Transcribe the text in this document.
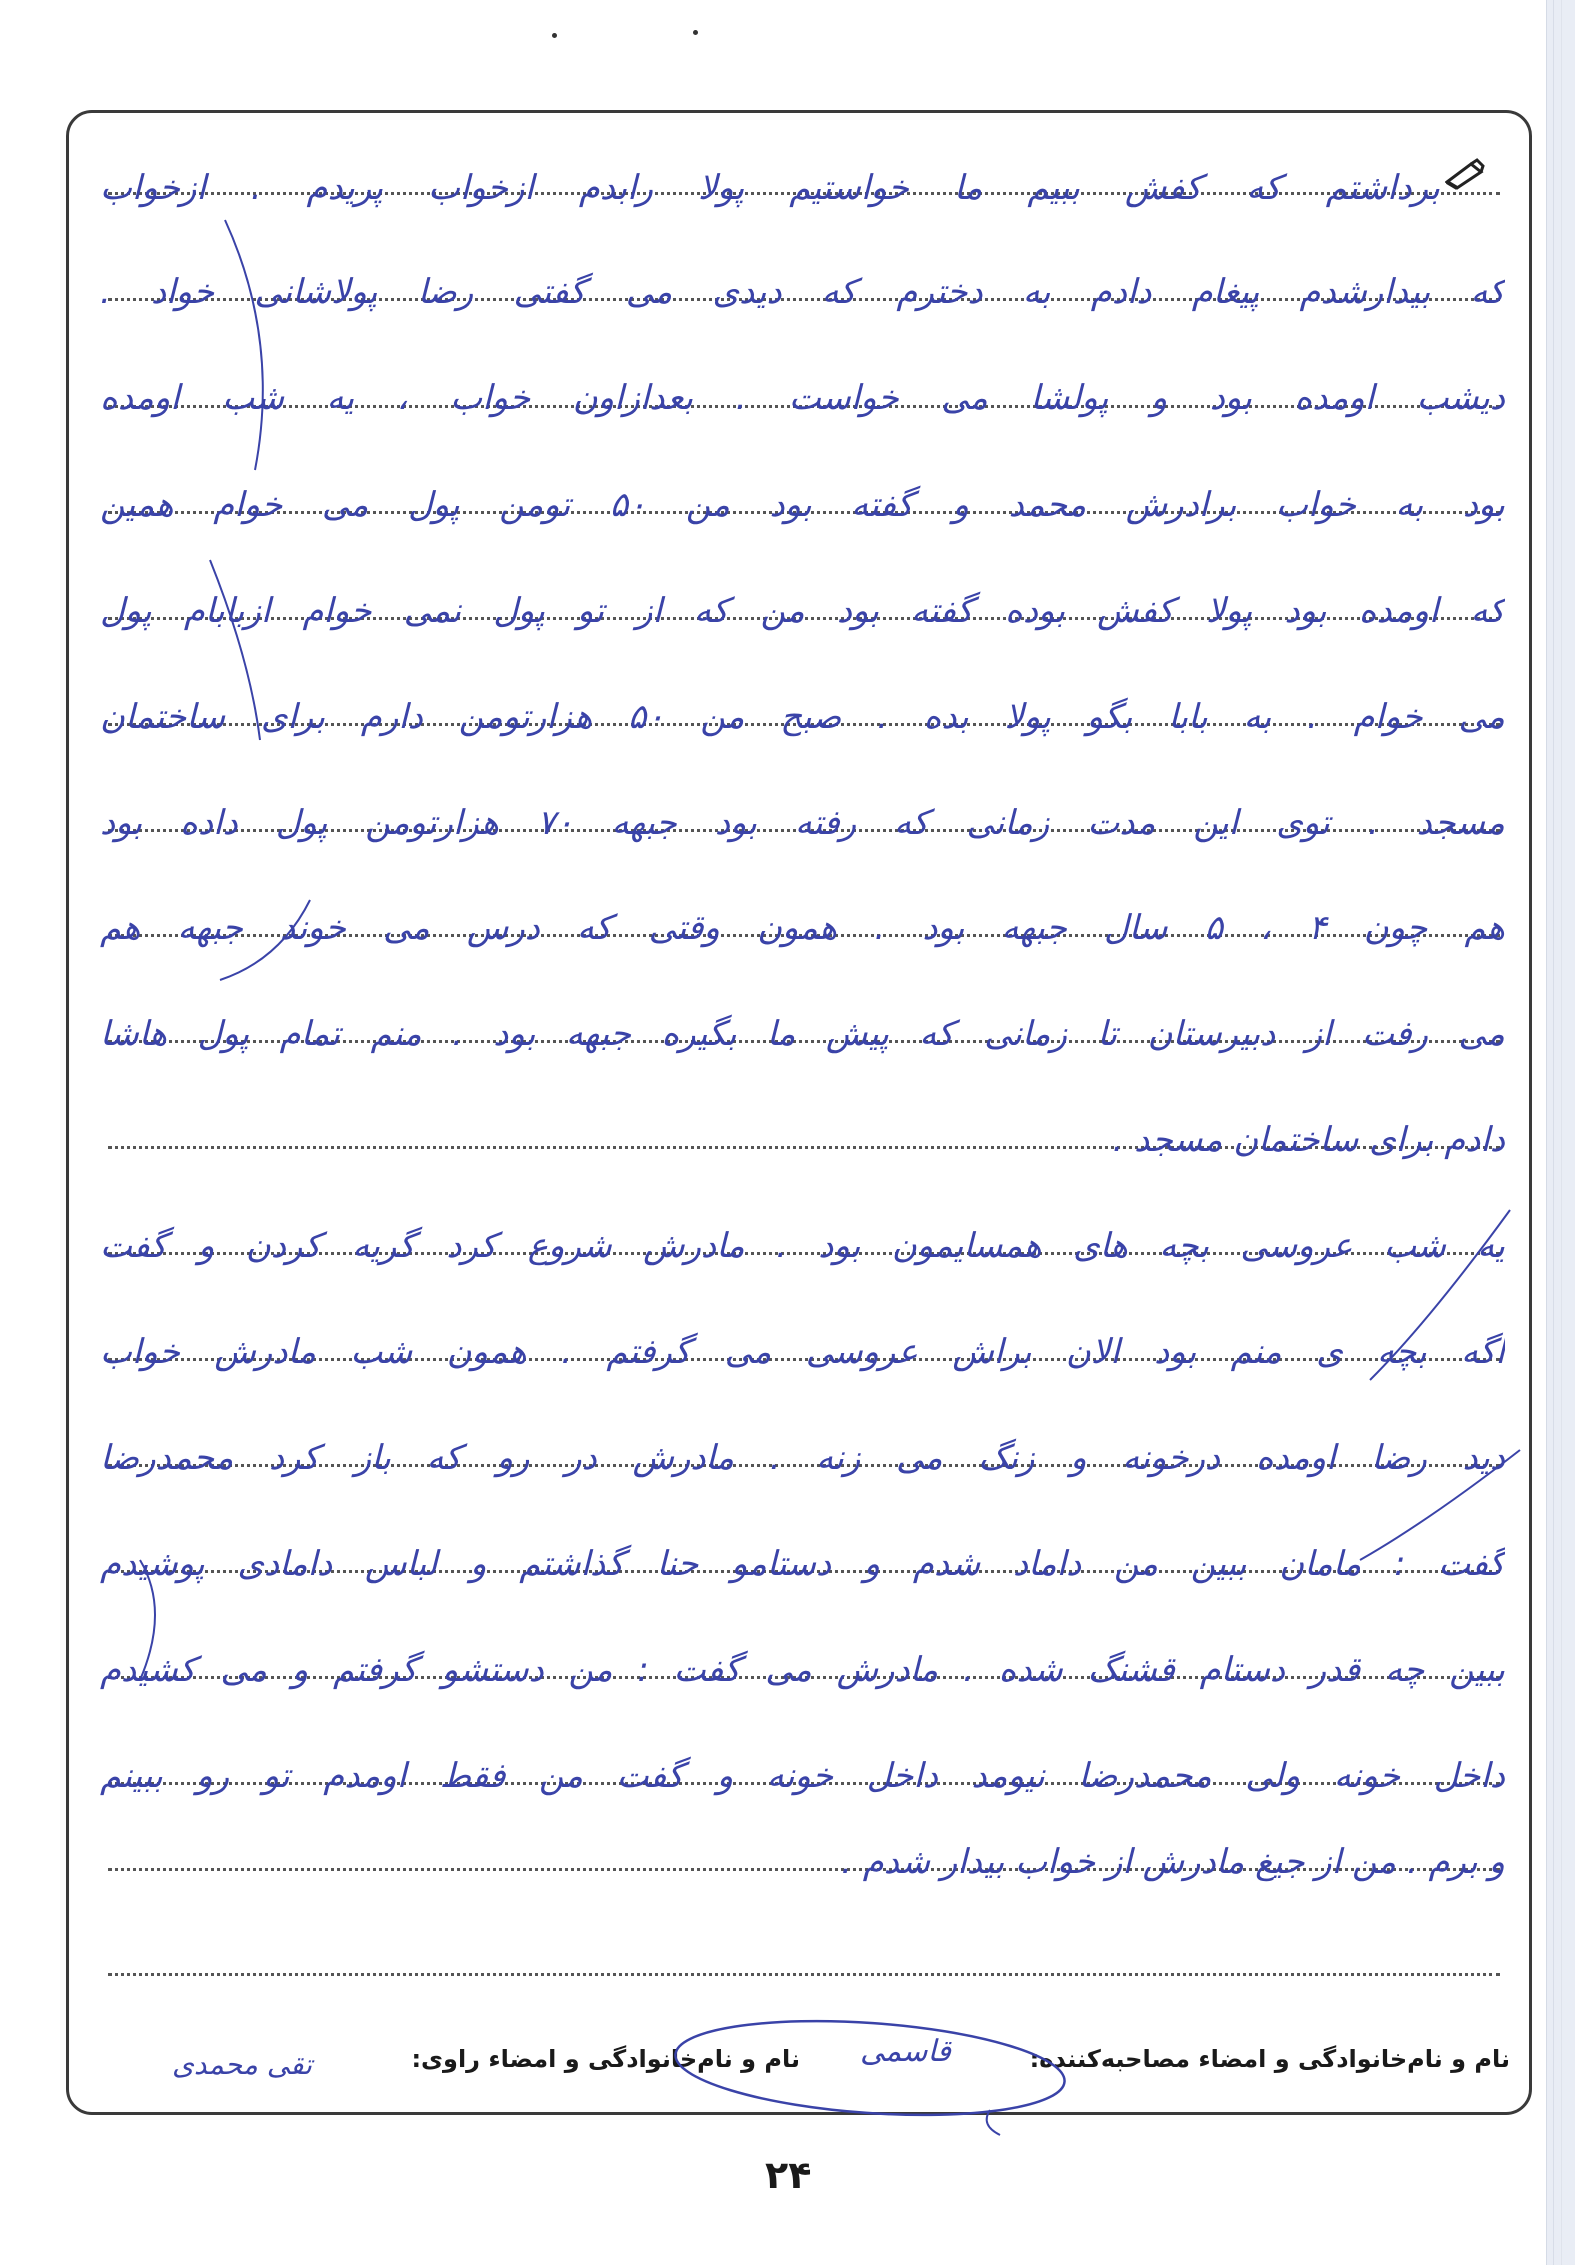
برداشتم که کفش ببیم ما خواستیم پولا رابدم ازخواب پریدم . ازخواب
که بیدارشدم پیغام دادم به دخترم که دیدی می گفتی رضا پولاشانی خواد .
دیشب اومده بود و پولشا می خواست . بعدازاون خواب ، یه شب اومده
بود به خواب برادرش محمد و گفته بود من ۵۰ تومن پول می خوام همین
که اومده بود پولا کفش بوده گفته بود من که از تو پول نمی خوام ازبابام پول
می خوام . به بابا بگو پولا بده . صبح من ۵۰ هزارتومن دارم برای ساختمان
مسجد . توی این مدت زمانی که رفته بود جبهه ۷۰ هزارتومن پول داده بود
هم چون ۴ ، ۵ سال جبهه بود . همون وقتی که درس می خوند جبهه هم
می رفت از دبیرستان تا زمانی که پیش ما بگیره جبهه بود . منم تمام پول هاشا
دادم برای ساختمان مسجد .
یه شب عروسی بچه های همسایمون بود . مادرش شروع کرد گریه کردن و گفت
اگه بچه ی منم بود الان براش عروسی می گرفتم . همون شب مادرش خواب
دید رضا اومده درخونه و زنگ می زنه . مادرش در رو که باز کرد محمدرضا
گفت : مامان ببین من داماد شدم و دستامو حنا گذاشتم و لباس دامادی پوشیدم
ببین چه قدر دستام قشنگ شده . مادرش می گفت : من دستشو گرفتم و می کشیدم
داخل خونه ولی محمدرضا نیومد داخل خونه و گفت من فقط اومدم تو رو ببینم
و برم . من از جیغ مادرش از خواب بیدار شدم .
نام و نام‌خانوادگی و امضاء مصاحبه‌کننده:
نام و نام‌خانوادگی و امضاء راوی: قاسمی
تقی محمدی
۲۴
